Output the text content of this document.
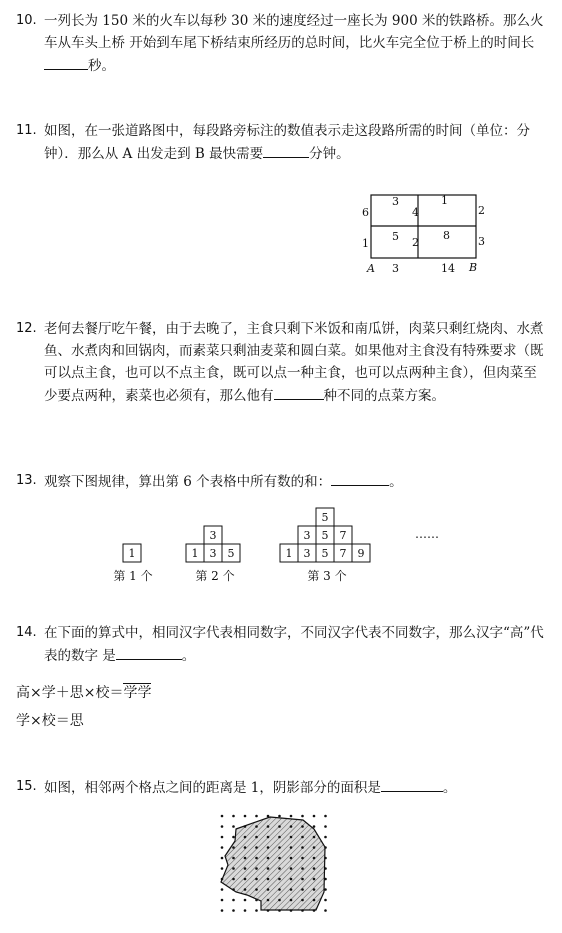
10. 一列长为 150 米的火车以每秒 30 米的速度经过一座长为 900 米的铁路桥。那么火车从车头上桥 开始到车尾下桥结束所经历的总时间，比火车完全位于桥上的时间长秒。
11. 如图，在一张道路图中，每段路旁标注的数值表示走这段路所需的时间（单位：分钟）．那么从 A 出发走到 B 最快需要	分钟。
3	1
6	4	2
5	8
1	2	3
3	14
A	B
12. 老何去餐厅吃午餐，由于去晚了，主食只剩下米饭和南瓜饼，肉菜只剩红烧肉、水煮鱼、水煮肉和回锅肉，而素菜只剩油麦菜和圆白菜。如果他对主食没有特殊要求（既可以点主食，也可以不点主食，既可以点一种主食，也可以点两种主食），但肉菜至少要点两种，素菜也必须有，那么他有	种不同的点菜方案。
13. 观察下图规律，算出第 6 个表格中所有数的和：	。
1
3
1 3 5
5
3 5 7
1 3 5 7 9
第 1 个	第 2 个	第 3 个
……
14. 在下面的算式中，相同汉字代表相同数字，不同汉字代表不同数字，那么汉字“高”代表的数字 是	。
高×学＋思×校＝学学
学×校＝思
15. 如图，相邻两个格点之间的距离是 1，阴影部分的面积是	。
